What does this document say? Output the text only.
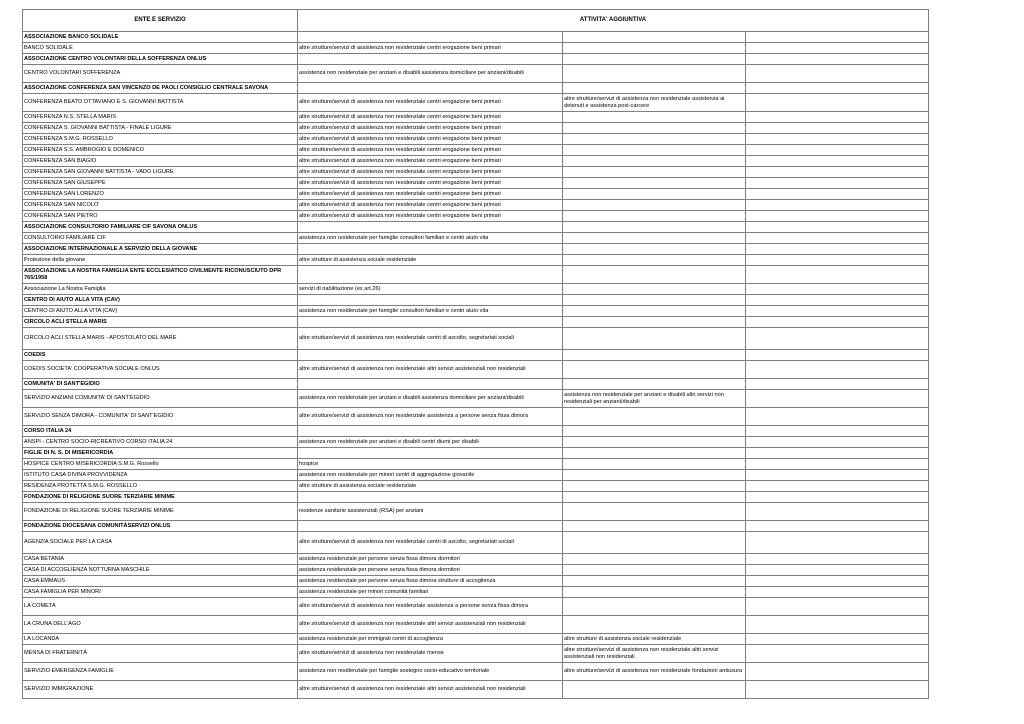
ENTE E SERVIZIO	ATTIVITA' AGGIUNTIVA		
ASSOCIAZIONE BANCO SOLIDALE			
BANCO SOLIDALE	altre strutture/servizi di assistenza non residenziale centri erogazione beni primari		
ASSOCIAZIONE CENTRO VOLONTARI DELLA SOFFERENZA ONLUS			
CENTRO VOLONTARI SOFFERENZA	assistenza non residenziale per anziani e disabili assistenza domiciliare per anziani/disabili		
ASSOCIAZIONE CONFERENZA SAN VINCENZO DE PAOLI CONSIGLIO CENTRALE SAVONA			
CONFERENZA BEATO OTTAVIANO E S. GIOVANNI BATTISTA	altre strutture/servizi di assistenza non residenziale centri erogazione beni primari	altre strutture/servizi di assistenza non residenziale assistenza ai detenuti e assistenza post-carcere	
CONFERENZA N.S. STELLA MARIS	altre strutture/servizi di assistenza non residenziale centri erogazione beni primari		
CONFERENZA S. GIOVANNI BATTISTA - FINALE LIGURE	altre strutture/servizi di assistenza non residenziale centri erogazione beni primari		
CONFERENZA S.M.G. ROSSELLO	altre strutture/servizi di assistenza non residenziale centri erogazione beni primari		
CONFERENZA S.S. AMBROGIO E DOMENICO	altre strutture/servizi di assistenza non residenziale centri erogazione beni primari		
CONFERENZA SAN BIAGIO	altre strutture/servizi di assistenza non residenziale centri erogazione beni primari		
CONFERENZA SAN GIOVANNI BATTISTA - VADO LIGURE	altre strutture/servizi di assistenza non residenziale centri erogazione beni primari		
CONFERENZA SAN GIUSEPPE	altre strutture/servizi di assistenza non residenziale centri erogazione beni primari		
CONFERENZA SAN LORENZO	altre strutture/servizi di assistenza non residenziale centri erogazione beni primari		
CONFERENZA SAN NICOLO'	altre strutture/servizi di assistenza non residenziale centri erogazione beni primari		
CONFERENZA SAN PIETRO	altre strutture/servizi di assistenza non residenziale centri erogazione beni primari		
ASSOCIAZIONE CONSULTORIO FAMILIARE CIF SAVONA ONLUS			
CONSULTORIO FAMILIARE CIF	assistenza non residenziale per famiglie consultori familiari e centri aiuto vita		
ASSOCIAZIONE INTERNAZIONALE A SERVIZIO DELLA GIOVANE			
Protezione della giovane	altre strutture di assistenza sociale residenziale		
ASSOCIAZIONE LA NOSTRA FAMIGLIA ENTE ECCLESIATICO CIVILMENTE RICONUSCIUTO DPR 765/1958			
Associazione La Nostra Famiglia	servizi di riabilitazione (ex art.26)		
CENTRO DI AIUTO ALLA VITA (CAV)			
CENTRO DI AIUTO ALLA VITA (CAV)	assistenza non residenziale per famiglie consultori familiari e centri aiuto vita		
CIRCOLO ACLI STELLA MARIS			
CIRCOLO ACLI STELLA MARIS - APOSTOLATO DEL MARE	altre strutture/servizi di assistenza non residenziale centri di ascolto, segretariati sociali		
COEDIS			
COEDIS SOCIETA' COOPERATIVA SOCIALE ONLUS	altre strutture/servizi di assistenza non residenziale altri servizi assistenziali non residenziali		
COMUNITA' DI SANT'EGIDIO			
SERVIZIO ANZIANI COMUNITA' DI SANT'EGIDIO	assistenza non residenziale per anziani e disabili assistenza domiciliare per anziani/disabili	assistenza non residenziale per anziani e disabili altri servizi non residenziali per anziani/disabili	
SERVIZIO SENZA DIMORA - COMUNITA' DI SANT'EGIDIO	altre strutture/servizi di assistenza non residenziale assistenza a persone senza fissa dimora		
CORSO ITALIA 24			
ANSPI - CENTRO SOCIO-RICREATIVO CORSO ITALIA 24	assistenza non residenziale per anziani e disabili centri diurni per disabili		
FIGLIE DI N. S. DI MISERICORDIA			
HOSPICE CENTRO MISERICORDIA S.M.G. Rossello	hospice		
ISTITUTO CASA DIVINA PROVVIDENZA	assistenza non residenziale per minori centri di aggregazione giovanile		
RESIDENZA PROTETTA S.M.G. ROSSELLO	altre strutture di assistenza sociale residenziale		
FONDAZIONE DI RELIGIONE SUORE TERZIARIE MINIME			
FONDAZIONE DI RELIGIONE SUORE TERZIARIE MINIME	residenze sanitarie assistenziali (RSA) per anziani		
FONDAZIONE DIOCESANA COMUNITÀSERVIZI ONLUS			
AGENZIA SOCIALE PER LA CASA	altre strutture/servizi di assistenza non residenziale centri di ascolto, segretariati sociali		
CASA BETANIA	assistenza residenziale per persone senza fissa dimora dormitori		
CASA DI ACCOGLIENZA NOTTURNA MASCHILE	assistenza residenziale per persone senza fissa dimora dormitori		
CASA EMMAUS	assistenza residenziale per persone senza fissa dimora strutture di accoglienza		
CASA FAMIGLIA PER MINORI	assistenza residenziale per minori comunità familiari		
LA COMETA	altre strutture/servizi di assistenza non residenziale assistenza a persone senza fissa dimora		
LA CRUNA DELL'AGO	altre strutture/servizi di assistenza non residenziale altri servizi assistenziali non residenziali		
LA LOCANDA	assistenza residenziale per immigrati centri di accoglienza	altre strutture di assistenza sociale residenziale	
MENSA DI FRATERNITÀ	altre strutture/servizi di assistenza non residenziale mense	altre strutture/servizi di assistenza non residenziale altri servizi assistenziali non residenziali	
SERVIZIO EMERGENZA FAMIGLIE	assistenza non residenziale per famiglie sostegno socio-educativo territoriale	altre strutture/servizi di assistenza non residenziale fondazioni antiusura	
SERVIZIO IMMIGRAZIONE	altre strutture/servizi di assistenza non residenziale altri servizi assistenziali non residenziali		
